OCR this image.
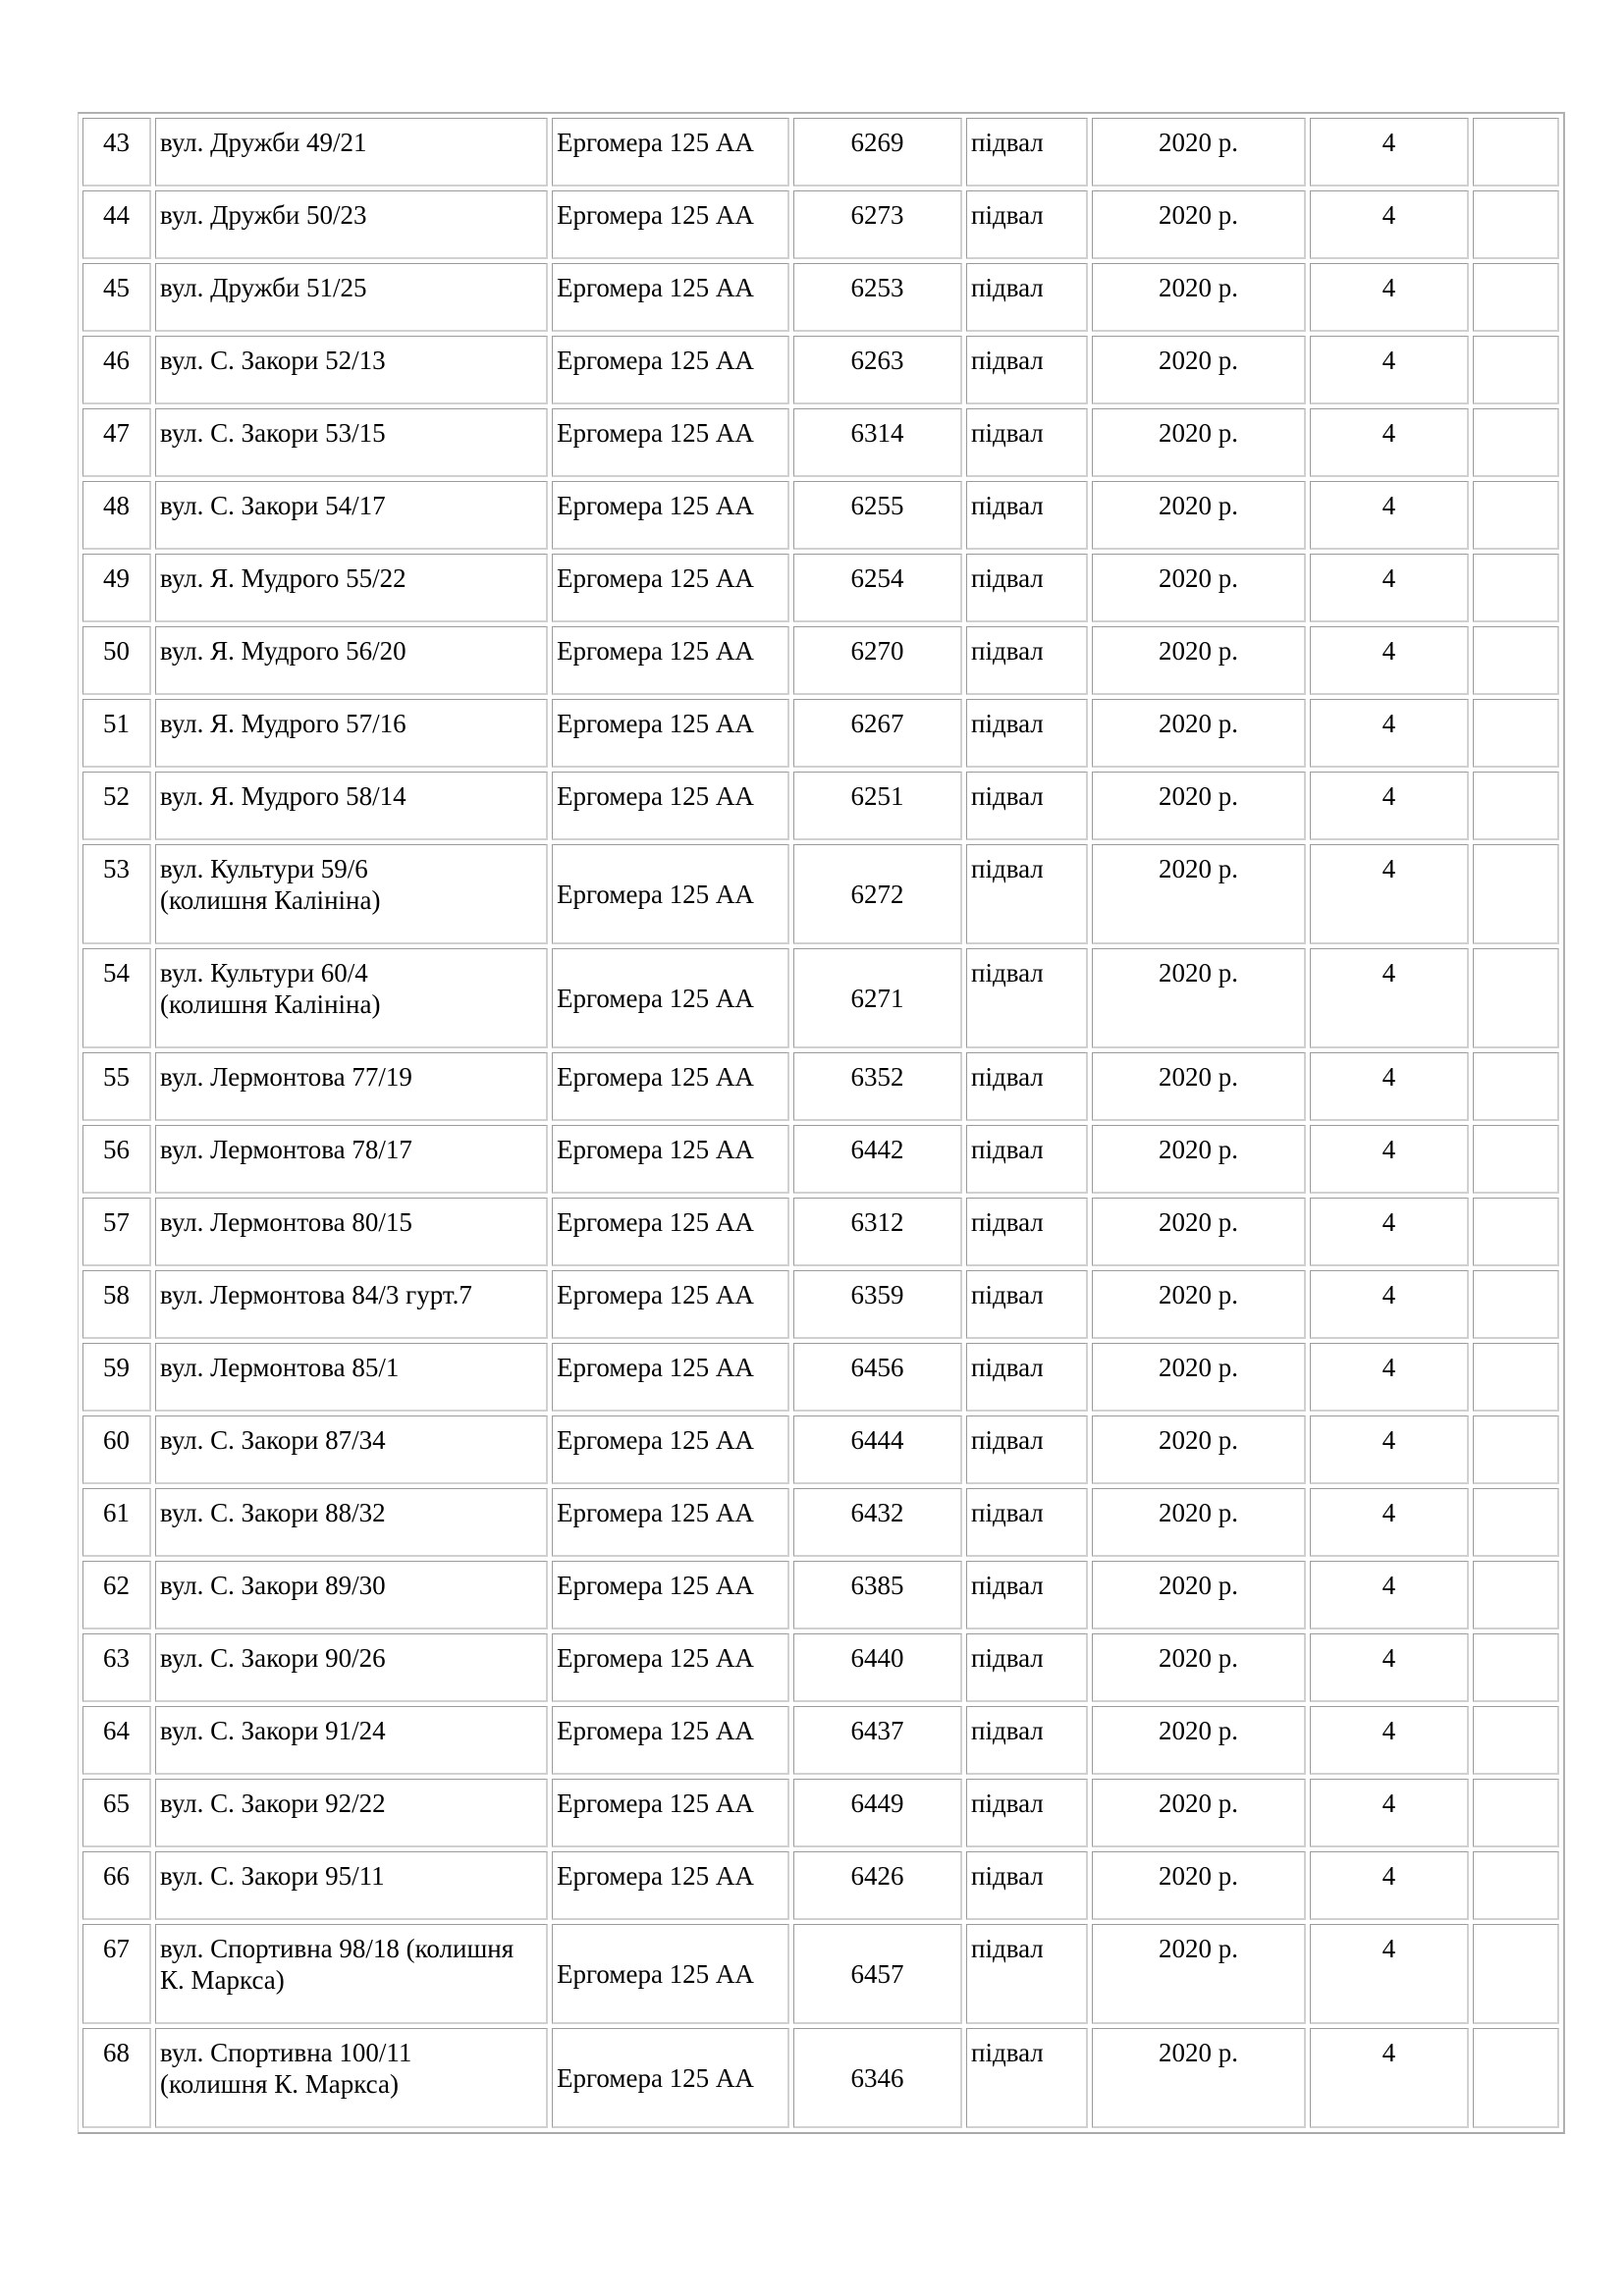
43	вул. Дружби 49/21	Ергомера 125 АА	6269	підвал	2020 р.	4	
44	вул. Дружби 50/23	Ергомера 125 АА	6273	підвал	2020 р.	4	
45	вул. Дружби 51/25	Ергомера 125 АА	6253	підвал	2020 р.	4	
46	вул. С. Закори 52/13	Ергомера 125 АА	6263	підвал	2020 р.	4	
47	вул. С. Закори 53/15	Ергомера 125 АА	6314	підвал	2020 р.	4	
48	вул. С. Закори 54/17	Ергомера 125 АА	6255	підвал	2020 р.	4	
49	вул. Я. Мудрого 55/22	Ергомера 125 АА	6254	підвал	2020 р.	4	
50	вул. Я. Мудрого 56/20	Ергомера 125 АА	6270	підвал	2020 р.	4	
51	вул. Я. Мудрого 57/16	Ергомера 125 АА	6267	підвал	2020 р.	4	
52	вул. Я. Мудрого 58/14	Ергомера 125 АА	6251	підвал	2020 р.	4	
53	вул. Культури 59/6
(колишня Калініна)	Ергомера 125 АА	6272	підвал	2020 р.	4	
54	вул. Культури 60/4
(колишня Калініна)	Ергомера 125 АА	6271	підвал	2020 р.	4	
55	вул. Лермонтова 77/19	Ергомера 125 АА	6352	підвал	2020 р.	4	
56	вул. Лермонтова 78/17	Ергомера 125 АА	6442	підвал	2020 р.	4	
57	вул. Лермонтова 80/15	Ергомера 125 АА	6312	підвал	2020 р.	4	
58	вул. Лермонтова 84/3 гурт.7	Ергомера 125 АА	6359	підвал	2020 р.	4	
59	вул. Лермонтова 85/1	Ергомера 125 АА	6456	підвал	2020 р.	4	
60	вул. С. Закори 87/34	Ергомера 125 АА	6444	підвал	2020 р.	4	
61	вул. С. Закори 88/32	Ергомера 125 АА	6432	підвал	2020 р.	4	
62	вул. С. Закори 89/30	Ергомера 125 АА	6385	підвал	2020 р.	4	
63	вул. С. Закори 90/26	Ергомера 125 АА	6440	підвал	2020 р.	4	
64	вул. С. Закори 91/24	Ергомера 125 АА	6437	підвал	2020 р.	4	
65	вул. С. Закори 92/22	Ергомера 125 АА	6449	підвал	2020 р.	4	
66	вул. С. Закори 95/11	Ергомера 125 АА	6426	підвал	2020 р.	4	
67	вул. Спортивна 98/18 (колишня
К. Маркса)	Ергомера 125 АА	6457	підвал	2020 р.	4	
68	вул. Спортивна 100/11
(колишня К. Маркса)	Ергомера 125 АА	6346	підвал	2020 р.	4	
